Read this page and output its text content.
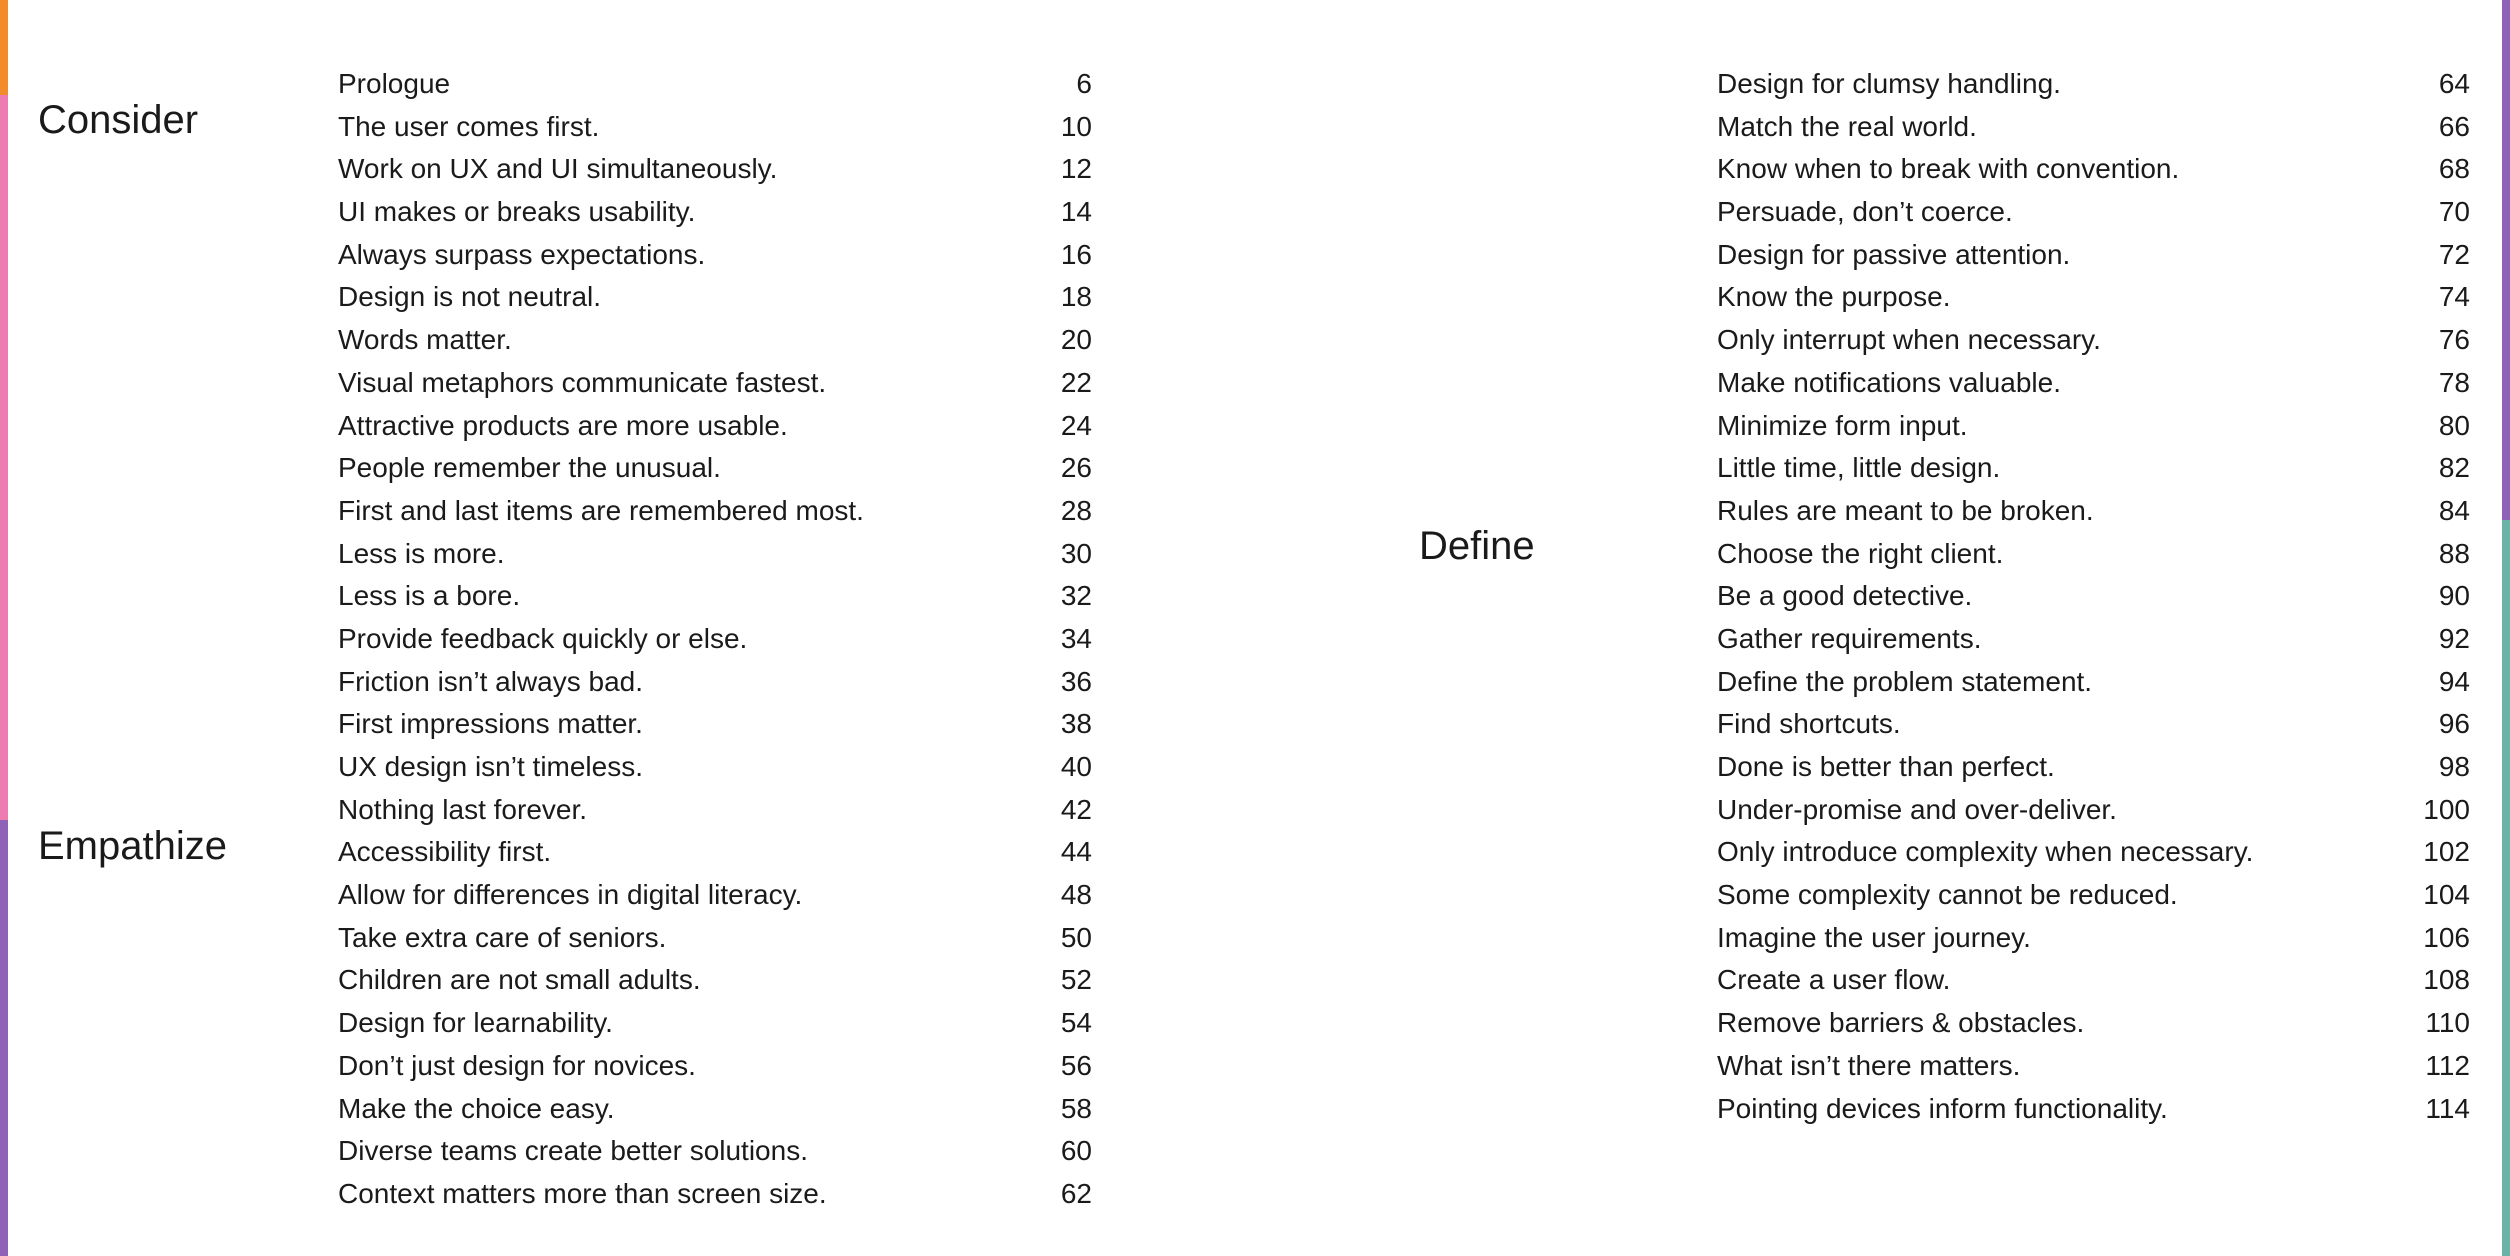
Consider
Empathize
Define
Prologue	6
The user comes first.	10
Work on UX and UI simultaneously.	12
UI makes or breaks usability.	14
Always surpass expectations.	16
Design is not neutral.	18
Words matter.	20
Visual metaphors communicate fastest.	22
Attractive products are more usable.	24
People remember the unusual.	26
First and last items are remembered most.	28
Less is more.	30
Less is a bore.	32
Provide feedback quickly or else.	34
Friction isn’t always bad.	36
First impressions matter.	38
UX design isn’t timeless.	40
Nothing last forever.	42
Accessibility first.	44
Allow for differences in digital literacy.	48
Take extra care of seniors.	50
Children are not small adults.	52
Design for learnability.	54
Don’t just design for novices.	56
Make the choice easy.	58
Diverse teams create better solutions.	60
Context matters more than screen size.	62
Design for clumsy handling.	64
Match the real world.	66
Know when to break with convention.	68
Persuade, don’t coerce.	70
Design for passive attention.	72
Know the purpose.	74
Only interrupt when necessary.	76
Make notifications valuable.	78
Minimize form input.	80
Little time, little design.	82
Rules are meant to be broken.	84
Choose the right client.	88
Be a good detective.	90
Gather requirements.	92
Define the problem statement.	94
Find shortcuts.	96
Done is better than perfect.	98
Under-promise and over-deliver.	100
Only introduce complexity when necessary.	102
Some complexity cannot be reduced.	104
Imagine the user journey.	106
Create a user flow.	108
Remove barriers & obstacles.	110
What isn’t there matters.	112
Pointing devices inform functionality.	114
